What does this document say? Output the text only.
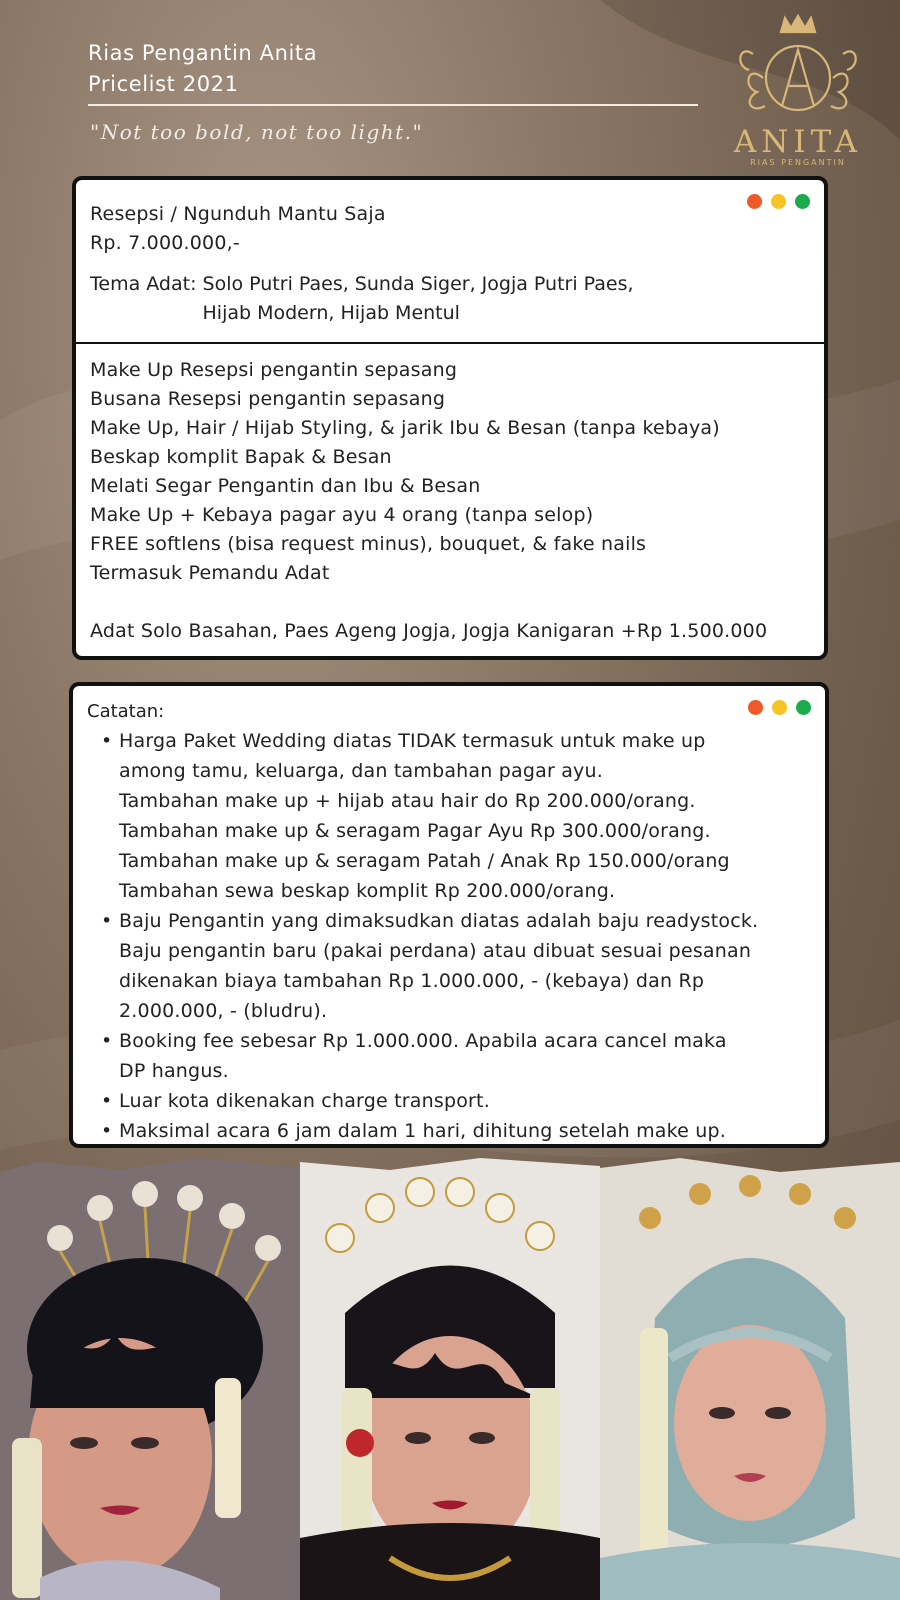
Rias Pengantin Anita
Pricelist 2021
"Not too bold, not too light."	ANITA
RIAS PENGANTIN
Resepsi / Ngunduh Mantu Saja
Rp. 7.000.000,-
Tema Adat: Solo Putri Paes, Sunda Siger, Jogja Putri Paes,
Hijab Modern, Hijab Mentul
Make Up Resepsi pengantin sepasang
Busana Resepsi pengantin sepasang
Make Up, Hair / Hijab Styling, & jarik Ibu & Besan (tanpa kebaya)
Beskap komplit Bapak & Besan
Melati Segar Pengantin dan Ibu & Besan
Make Up + Kebaya pagar ayu 4 orang (tanpa selop)
FREE softlens (bisa request minus), bouquet, & fake nails
Termasuk Pemandu Adat
Adat Solo Basahan, Paes Ageng Jogja, Jogja Kanigaran +Rp 1.500.000
Catatan:
• Harga Paket Wedding diatas TIDAK termasuk untuk make up
among tamu, keluarga, dan tambahan pagar ayu.
Tambahan make up + hijab atau hair do Rp 200.000/orang.
Tambahan make up & seragam Pagar Ayu Rp 300.000/orang.
Tambahan make up & seragam Patah / Anak Rp 150.000/orang
Tambahan sewa beskap komplit Rp 200.000/orang.
• Baju Pengantin yang dimaksudkan diatas adalah baju readystock.
Baju pengantin baru (pakai perdana) atau dibuat sesuai pesanan
dikenakan biaya tambahan Rp 1.000.000, - (kebaya) dan Rp
2.000.000, - (bludru).
• Booking fee sebesar Rp 1.000.000. Apabila acara cancel maka
DP hangus.
• Luar kota dikenakan charge transport.
• Maksimal acara 6 jam dalam 1 hari, dihitung setelah make up.
